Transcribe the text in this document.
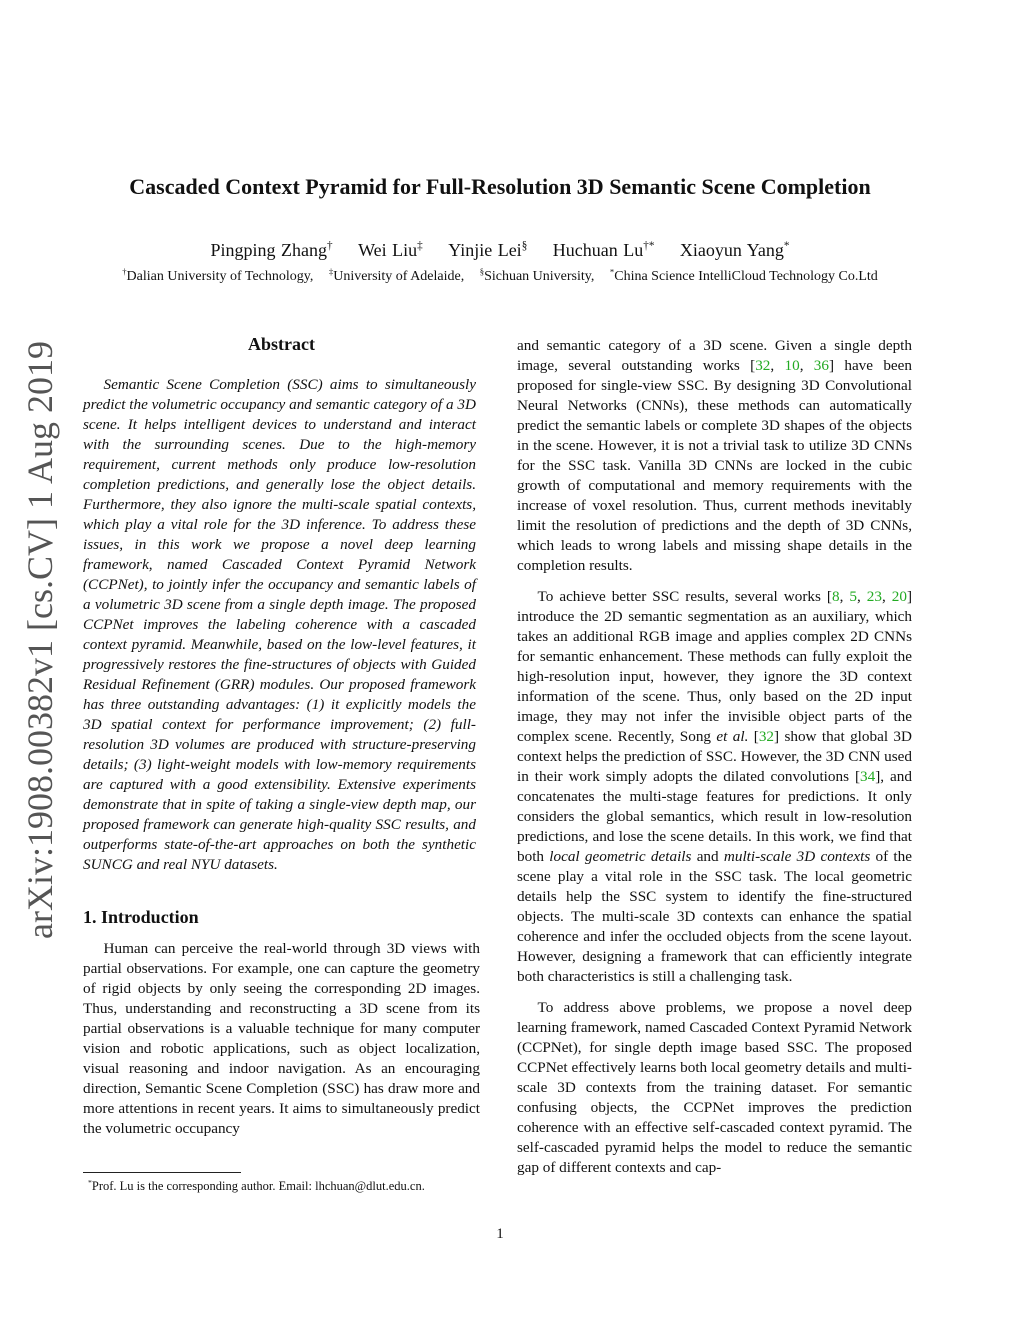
arXiv:1908.00382v1 [cs.CV] 1 Aug 2019
Cascaded Context Pyramid for Full-Resolution 3D Semantic Scene Completion
Pingping Zhang† Wei Liu‡ Yinjie Lei§ Huchuan Lu†* Xiaoyun Yang*
†Dalian University of Technology, ‡University of Adelaide, §Sichuan University, *China Science IntelliCloud Technology Co.Ltd
Abstract

Semantic Scene Completion (SSC) aims to simultaneously predict the volumetric occupancy and semantic category of a 3D scene. It helps intelligent devices to understand and interact with the surrounding scenes. Due to the high-memory requirement, current methods only produce low-resolution completion predictions, and generally lose the object details. Furthermore, they also ignore the multi-scale spatial contexts, which play a vital role for the 3D inference. To address these issues, in this work we propose a novel deep learning framework, named Cascaded Context Pyramid Network (CCPNet), to jointly infer the occupancy and semantic labels of a volumetric 3D scene from a single depth image. The proposed CCPNet improves the labeling coherence with a cascaded context pyramid. Meanwhile, based on the low-level features, it progressively restores the fine-structures of objects with Guided Residual Refinement (GRR) modules. Our proposed framework has three outstanding advantages: (1) it explicitly models the 3D spatial context for performance improvement; (2) full-resolution 3D volumes are produced with structure-preserving details; (3) light-weight models with low-memory requirements are captured with a good extensibility. Extensive experiments demonstrate that in spite of taking a single-view depth map, our proposed framework can generate high-quality SSC results, and outperforms state-of-the-art approaches on both the synthetic SUNCG and real NYU datasets.

1. Introduction

Human can perceive the real-world through 3D views with partial observations. For example, one can capture the geometry of rigid objects by only seeing the corresponding 2D images. Thus, understanding and reconstructing a 3D scene from its partial observations is a valuable technique for many computer vision and robotic applications, such as object localization, visual reasoning and indoor navigation. As an encouraging direction, Semantic Scene Completion (SSC) has draw more and more attentions in recent years. It aims to simultaneously predict the volumetric occupancy

and semantic category of a 3D scene. Given a single depth image, several outstanding works [32, 10, 36] have been proposed for single-view SSC. By designing 3D Convolutional Neural Networks (CNNs), these methods can automatically predict the semantic labels or complete 3D shapes of the objects in the scene. However, it is not a trivial task to utilize 3D CNNs for the SSC task. Vanilla 3D CNNs are locked in the cubic growth of computational and memory requirements with the increase of voxel resolution. Thus, current methods inevitably limit the resolution of predictions and the depth of 3D CNNs, which leads to wrong labels and missing shape details in the completion results.

To achieve better SSC results, several works [8, 5, 23, 20] introduce the 2D semantic segmentation as an auxiliary, which takes an additional RGB image and applies complex 2D CNNs for semantic enhancement. These methods can fully exploit the high-resolution input, however, they ignore the 3D context information of the scene. Thus, only based on the 2D input image, they may not infer the invisible object parts of the complex scene. Recently, Song et al. [32] show that global 3D context helps the prediction of SSC. However, the 3D CNN used in their work simply adopts the dilated convolutions [34], and concatenates the multi-stage features for predictions. It only considers the global semantics, which result in low-resolution predictions, and lose the scene details. In this work, we find that both local geometric details and multi-scale 3D contexts of the scene play a vital role in the SSC task. The local geometric details help the SSC system to identify the fine-structured objects. The multi-scale 3D contexts can enhance the spatial coherence and infer the occluded objects from the scene layout. However, designing a framework that can efficiently integrate both characteristics is still a challenging task.

To address above problems, we propose a novel deep learning framework, named Cascaded Context Pyramid Network (CCPNet), for single depth image based SSC. The proposed CCPNet effectively learns both local geometry details and multi-scale 3D contexts from the training dataset. For semantic confusing objects, the CCPNet improves the prediction coherence with an effective self-cascaded context pyramid. The self-cascaded pyramid helps the model to reduce the semantic gap of different contexts and cap-

*Prof. Lu is the corresponding author. Email: lhchuan@dlut.edu.cn.
1
